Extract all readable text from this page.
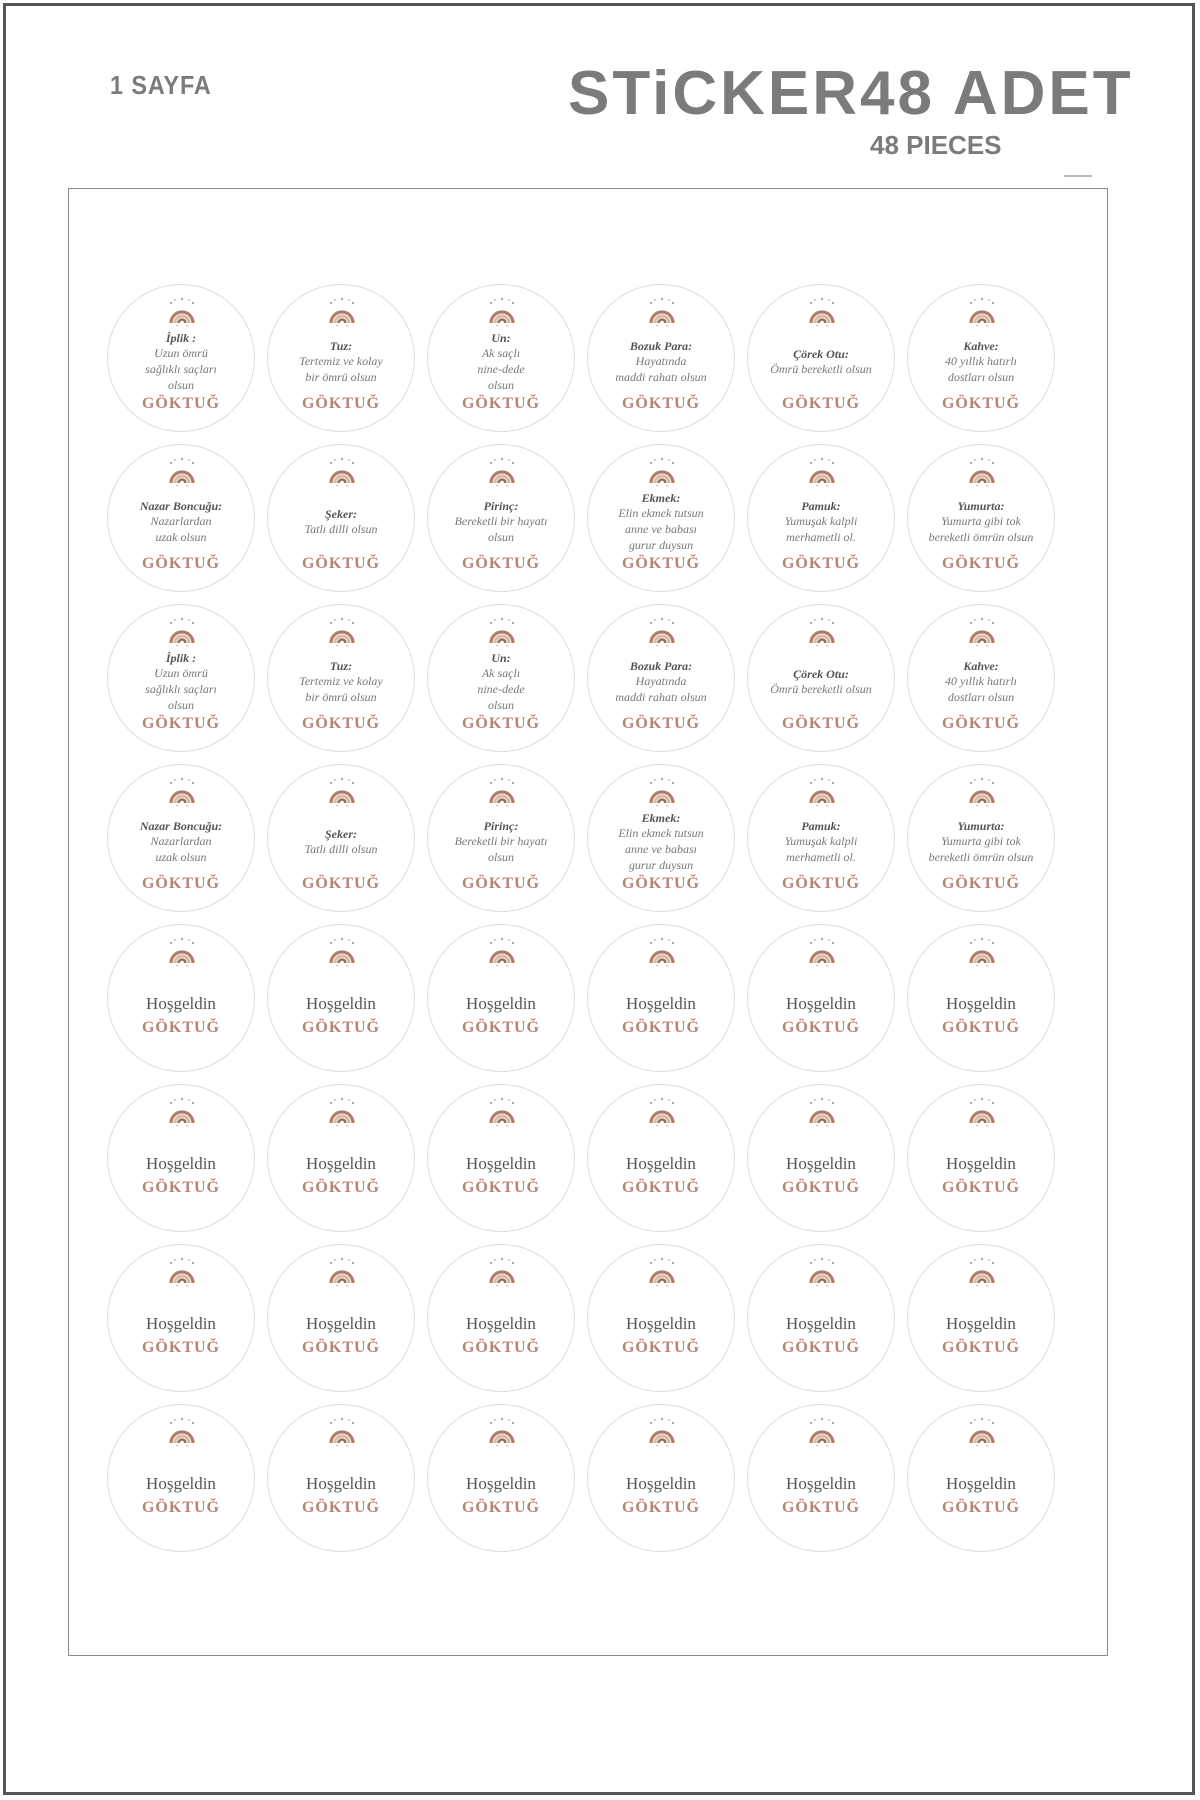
1 SAYFA	STiCKER 48 ADET
48 PIECES
İplik :
Uzun ömrü
sağlıklı saçları
olsun
GÖKTUĞ
Tuz:
Tertemiz ve kolay
bir ömrü olsun
GÖKTUĞ
Un:
Ak saçlı
nine-dede
olsun
GÖKTUĞ
Bozuk Para:
Hayatında
maddi rahatı olsun
GÖKTUĞ
Çörek Otu:
Ömrü bereketli olsun
GÖKTUĞ
Kahve:
40 yıllık hatırlı
dostları olsun
GÖKTUĞ
Nazar Boncuğu:
Nazarlardan
uzak olsun
GÖKTUĞ
Şeker:
Tatlı dilli olsun
GÖKTUĞ
Pirinç:
Bereketli bir hayatı
olsun
GÖKTUĞ
Ekmek:
Elin ekmek tutsun
anne ve babası
gurur duysun
GÖKTUĞ
Pamuk:
Yumuşak kalpli
merhametli ol.
GÖKTUĞ
Yumurta:
Yumurta gibi tok
bereketli ömrün olsun
GÖKTUĞ
İplik :
Uzun ömrü
sağlıklı saçları
olsun
GÖKTUĞ
Tuz:
Tertemiz ve kolay
bir ömrü olsun
GÖKTUĞ
Un:
Ak saçlı
nine-dede
olsun
GÖKTUĞ
Bozuk Para:
Hayatında
maddi rahatı olsun
GÖKTUĞ
Çörek Otu:
Ömrü bereketli olsun
GÖKTUĞ
Kahve:
40 yıllık hatırlı
dostları olsun
GÖKTUĞ
Nazar Boncuğu:
Nazarlardan
uzak olsun
GÖKTUĞ
Şeker:
Tatlı dilli olsun
GÖKTUĞ
Pirinç:
Bereketli bir hayatı
olsun
GÖKTUĞ
Ekmek:
Elin ekmek tutsun
anne ve babası
gurur duysun
GÖKTUĞ
Pamuk:
Yumuşak kalpli
merhametli ol.
GÖKTUĞ
Yumurta:
Yumurta gibi tok
bereketli ömrün olsun
GÖKTUĞ
Hoşgeldin
GÖKTUĞ
Hoşgeldin
GÖKTUĞ
Hoşgeldin
GÖKTUĞ
Hoşgeldin
GÖKTUĞ
Hoşgeldin
GÖKTUĞ
Hoşgeldin
GÖKTUĞ
Hoşgeldin
GÖKTUĞ
Hoşgeldin
GÖKTUĞ
Hoşgeldin
GÖKTUĞ
Hoşgeldin
GÖKTUĞ
Hoşgeldin
GÖKTUĞ
Hoşgeldin
GÖKTUĞ
Hoşgeldin
GÖKTUĞ
Hoşgeldin
GÖKTUĞ
Hoşgeldin
GÖKTUĞ
Hoşgeldin
GÖKTUĞ
Hoşgeldin
GÖKTUĞ
Hoşgeldin
GÖKTUĞ
Hoşgeldin
GÖKTUĞ
Hoşgeldin
GÖKTUĞ
Hoşgeldin
GÖKTUĞ
Hoşgeldin
GÖKTUĞ
Hoşgeldin
GÖKTUĞ
Hoşgeldin
GÖKTUĞ
